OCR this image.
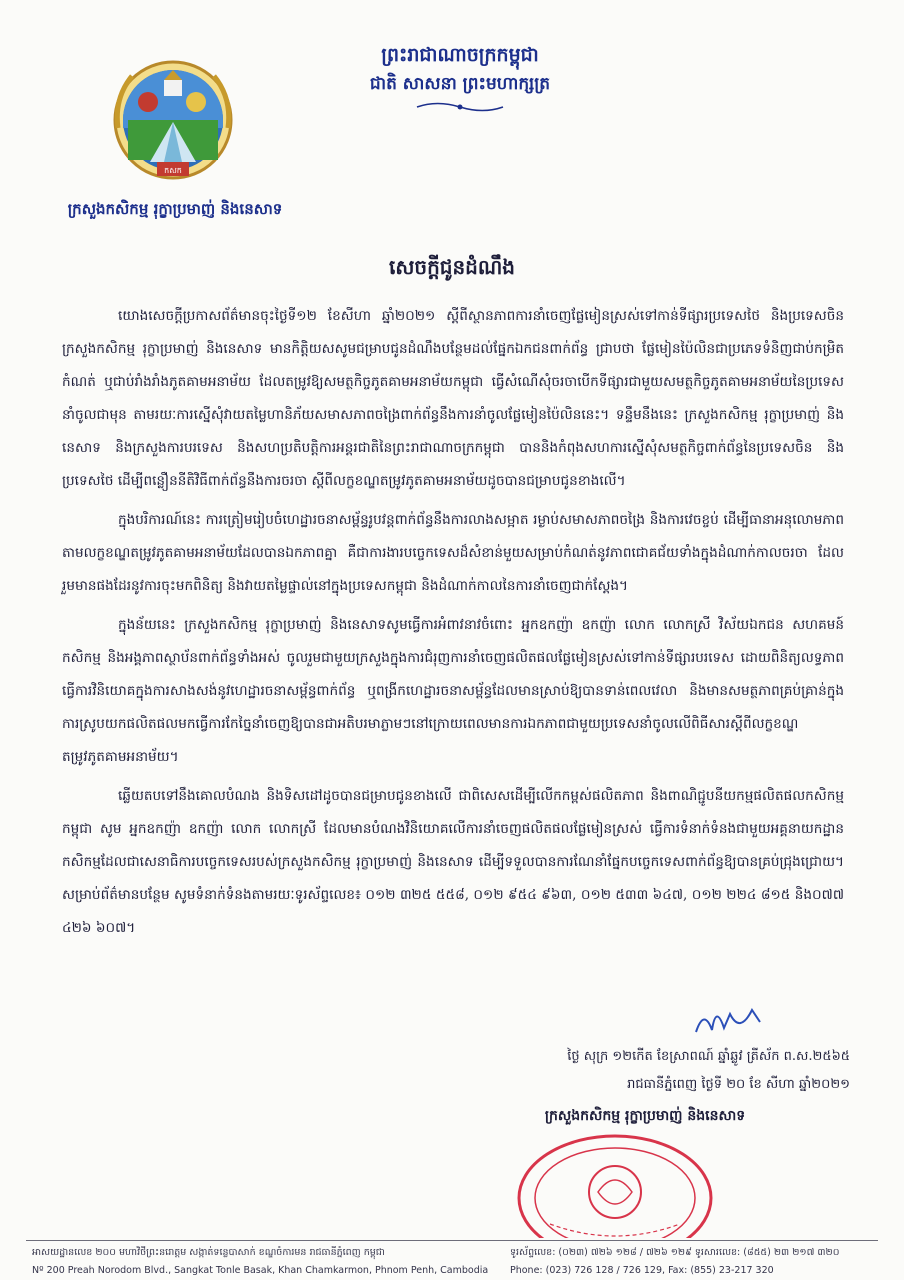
កសក
ក្រសួងកសិកម្ម រុក្ខាប្រមាញ់ និងនេសាទ
ព្រះរាជាណាចក្រកម្ពុជា
ជាតិ សាសនា ព្រះមហាក្សត្រ
សេចក្តីជូនដំណឹង

យោងសេចក្តីប្រកាសព័ត៌មានចុះថ្ងៃទី១២ ខែសីហា ឆ្នាំ២០២១ ស្តីពីស្ថានភាពការនាំចេញផ្លែមៀនស្រស់ទៅកាន់ទីផ្សារប្រទេសថៃ និងប្រទេសចិន ក្រសួងកសិកម្ម រុក្ខាប្រមាញ់ និងនេសាទ មានកិត្តិយសសូមជម្រាបជូនដំណឹងបន្ថែមដល់ផ្នែកឯកជនពាក់ព័ន្ធ ជ្រាបថា ផ្លែមៀនប៉ៃលិនជាប្រភេទទំនិញជាប់កម្រិតកំណត់ ឬជាប់រាំងរាំងភូតគាមអនាម័យ ដែលតម្រូវឱ្យសមត្ថកិច្ចភូតគាមអនាម័យកម្ពុជា ធ្វើសំណើសុំចរចាបើកទីផ្សារជាមួយសមត្ថកិច្ចភូតគាមអនាម័យនៃប្រទេសនាំចូលជាមុន តាមរយៈការស្នើសុំវាយតម្លៃហានិភ័យសមាសភាពចង្រៃពាក់ព័ន្ធនឹងការនាំចូលផ្លែមៀនប៉ៃលិននេះ។ ទន្ទឹមនឹងនេះ ក្រសួងកសិកម្ម រុក្ខាប្រមាញ់ និងនេសាទ និងក្រសួងការបរទេស និងសហប្រតិបត្តិការអន្តរជាតិនៃព្រះរាជាណាចក្រកម្ពុជា បាននិងកំពុងសហការស្នើសុំសមត្ថកិច្ចពាក់ព័ន្ធនៃប្រទេសចិន និងប្រទេសថៃ ដើម្បីពន្លឿននីតិវិធីពាក់ព័ន្ធនឹងការចរចា ស្តីពីលក្ខខណ្ឌតម្រូវភូតគាមអនាម័យដូចបានជម្រាបជូនខាងលើ។

ក្នុងបរិការណ៍នេះ ការត្រៀមរៀបចំហេដ្ឋារចនាសម្ព័ន្ធរូបវន្តពាក់ព័ន្ធនឹងការលាងសម្អាត រម្ងាប់សមាសភាពចង្រៃ និងការវេចខ្ចប់ ដើម្បីធានាអនុលោមភាពតាមលក្ខខណ្ឌតម្រូវភូតគាមអនាម័យដែលបានឯកភាពគ្នា គឺជាការងារបច្ចេកទេសដ៏សំខាន់មួយសម្រាប់កំណត់នូវភាពជោគជ័យទាំងក្នុងដំណាក់កាលចរចា ដែលរួមមានផងដែរនូវការចុះមកពិនិត្យ និងវាយតម្លៃផ្ទាល់នៅក្នុងប្រទេសកម្ពុជា និងដំណាក់កាលនៃការនាំចេញជាក់ស្តែង។

ក្នុងន័យនេះ ក្រសួងកសិកម្ម រុក្ខាប្រមាញ់ និងនេសាទសូមធ្វើការអំពាវនាវចំពោះ អ្នកឧកញ៉ា ឧកញ៉ា លោក លោកស្រី វិស័យឯកជន សហគមន៍កសិកម្ម និងអង្គភាពស្ថាប័នពាក់ព័ន្ធទាំងអស់ ចូលរួមជាមួយក្រសួងក្នុងការជំរុញការនាំចេញផលិតផលផ្លែមៀនស្រស់ទៅកាន់ទីផ្សារបរទេស ដោយពិនិត្យលទ្ធភាពធ្វើការវិនិយោគក្នុងការសាងសង់នូវហេដ្ឋារចនាសម្ព័ន្ធពាក់ព័ន្ធ ឬពង្រីកហេដ្ឋារចនាសម្ព័ន្ធដែលមានស្រាប់ឱ្យបានទាន់ពេលវេលា និងមានសមត្ថភាពគ្រប់គ្រាន់ក្នុងការស្រូបយកផលិតផលមកធ្វើការកែច្នៃនាំចេញឱ្យបានជាអតិបរមាភ្លាមៗនៅក្រោយពេលមានការឯកភាពជាមួយប្រទេសនាំចូលលើពិធីសារស្តីពីលក្ខខណ្ឌតម្រូវភូតគាមអនាម័យ។

ឆ្លើយតបទៅនឹងគោលបំណង និងទិសដៅដូចបានជម្រាបជូនខាងលើ ជាពិសេសដើម្បីលើកកម្ពស់ផលិតភាព និងពាណិជ្ជូបនីយកម្មផលិតផលកសិកម្មកម្ពុជា សូម អ្នកឧកញ៉ា ឧកញ៉ា លោក លោកស្រី ដែលមានបំណងវិនិយោគលើការនាំចេញផលិតផលផ្លែមៀនស្រស់ ធ្វើការទំនាក់ទំនងជាមួយអគ្គនាយកដ្ឋានកសិកម្មដែលជាសេនាធិការបច្ចេកទេសរបស់ក្រសួងកសិកម្ម រុក្ខាប្រមាញ់ និងនេសាទ ដើម្បីទទួលបានការណែនាំផ្នែកបច្ចេកទេសពាក់ព័ន្ធឱ្យបានគ្រប់ជ្រុងជ្រោយ។ សម្រាប់ព័ត៌មានបន្ថែម សូមទំនាក់ទំនងតាមរយៈទូរស័ព្ទលេខ៖ ០១២ ៣២៥ ៥៥៨, ០១២ ៩៥៤ ៩៦៣, ០១២ ៥៣៣ ៦៤៧, ០១២ ២២៤ ៨១៥ និង០៧៧ ៤២៦ ៦០៧។

ថ្ងៃ សុក្រ ១២កើត ខែស្រាពណ៍ ឆ្នាំឆ្លូវ ត្រីស័ក ព.ស.២៥៦៥
រាជធានីភ្នំពេញ ថ្ងៃទី ២០ ខែ សីហា ឆ្នាំ២០២១
ក្រសួងកសិកម្ម រុក្ខាប្រមាញ់ និងនេសាទ
អាសយដ្ឋានលេខ ២០០ មហាវិថីព្រះនរោត្តម សង្កាត់ទន្លេបាសាក់ ខណ្ឌចំការមន រាជធានីភ្នំពេញ កម្ពុជា
Nº 200 Preah Norodom Blvd., Sangkat Tonle Basak, Khan Chamkarmon, Phnom Penh, Cambodia
ទូរស័ព្ទលេខ: (០២៣) ៧២៦ ១២៨ / ៧២៦ ១២៩ ទូរសារលេខ: (៨៥៥) ២៣ ២១៧ ៣២០
Phone: (023) 726 128 / 726 129, Fax: (855) 23-217 320
